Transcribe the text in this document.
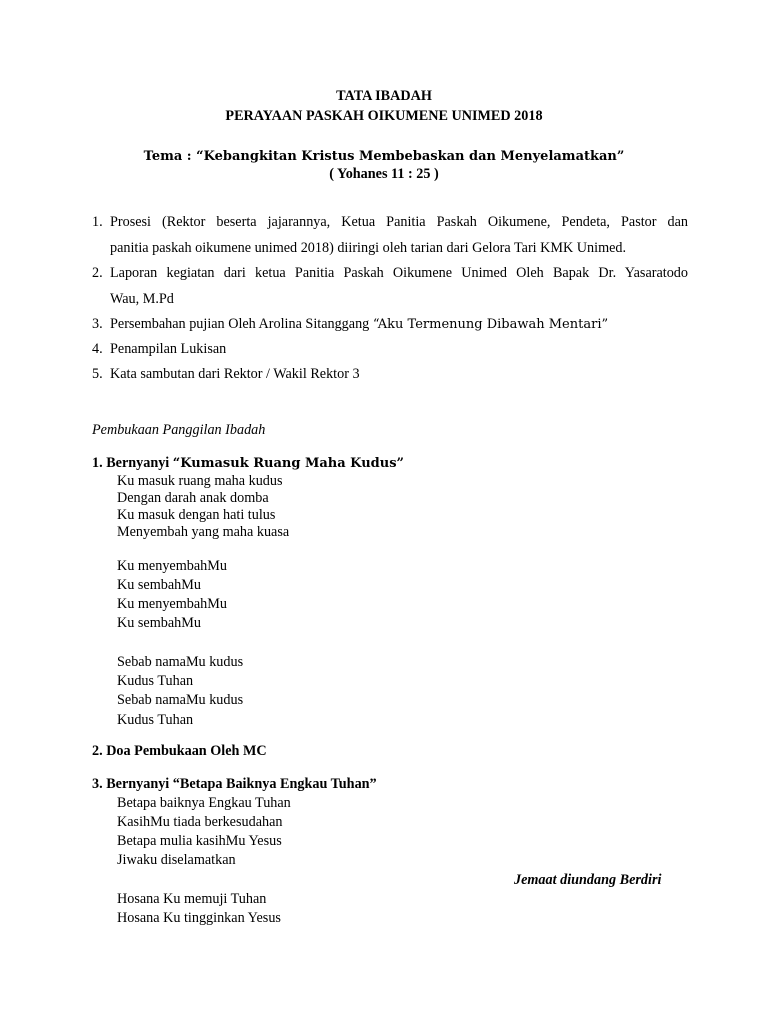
TATA IBADAH
PERAYAAN PASKAH OIKUMENE UNIMED 2018
Tema : “Kebangkitan Kristus Membebaskan dan Menyelamatkan”
( Yohanes 11 : 25 )
1. Prosesi (Rektor beserta jajarannya, Ketua Panitia Paskah Oikumene, Pendeta, Pastor dan
panitia paskah oikumene unimed 2018) diiringi oleh tarian dari Gelora Tari KMK Unimed.
2. Laporan kegiatan dari ketua Panitia Paskah Oikumene Unimed Oleh Bapak Dr. Yasaratodo
Wau, M.Pd
3. Persembahan pujian Oleh Arolina Sitanggang “Aku Termenung Dibawah Mentari”
4. Penampilan Lukisan
5. Kata sambutan dari Rektor / Wakil Rektor 3
Pembukaan Panggilan Ibadah
1. Bernyanyi “Kumasuk Ruang Maha Kudus”
Ku masuk ruang maha kudus
Dengan darah anak domba
Ku masuk dengan hati tulus
Menyembah yang maha kuasa
Ku menyembahMu
Ku sembahMu
Ku menyembahMu
Ku sembahMu
Sebab namaMu kudus
Kudus Tuhan
Sebab namaMu kudus
Kudus Tuhan
2. Doa Pembukaan Oleh MC
3. Bernyanyi “Betapa Baiknya Engkau Tuhan”
Betapa baiknya Engkau Tuhan
KasihMu tiada berkesudahan
Betapa mulia kasihMu Yesus
Jiwaku diselamatkan
Jemaat diundang Berdiri
Hosana Ku memuji Tuhan
Hosana Ku tingginkan Yesus
